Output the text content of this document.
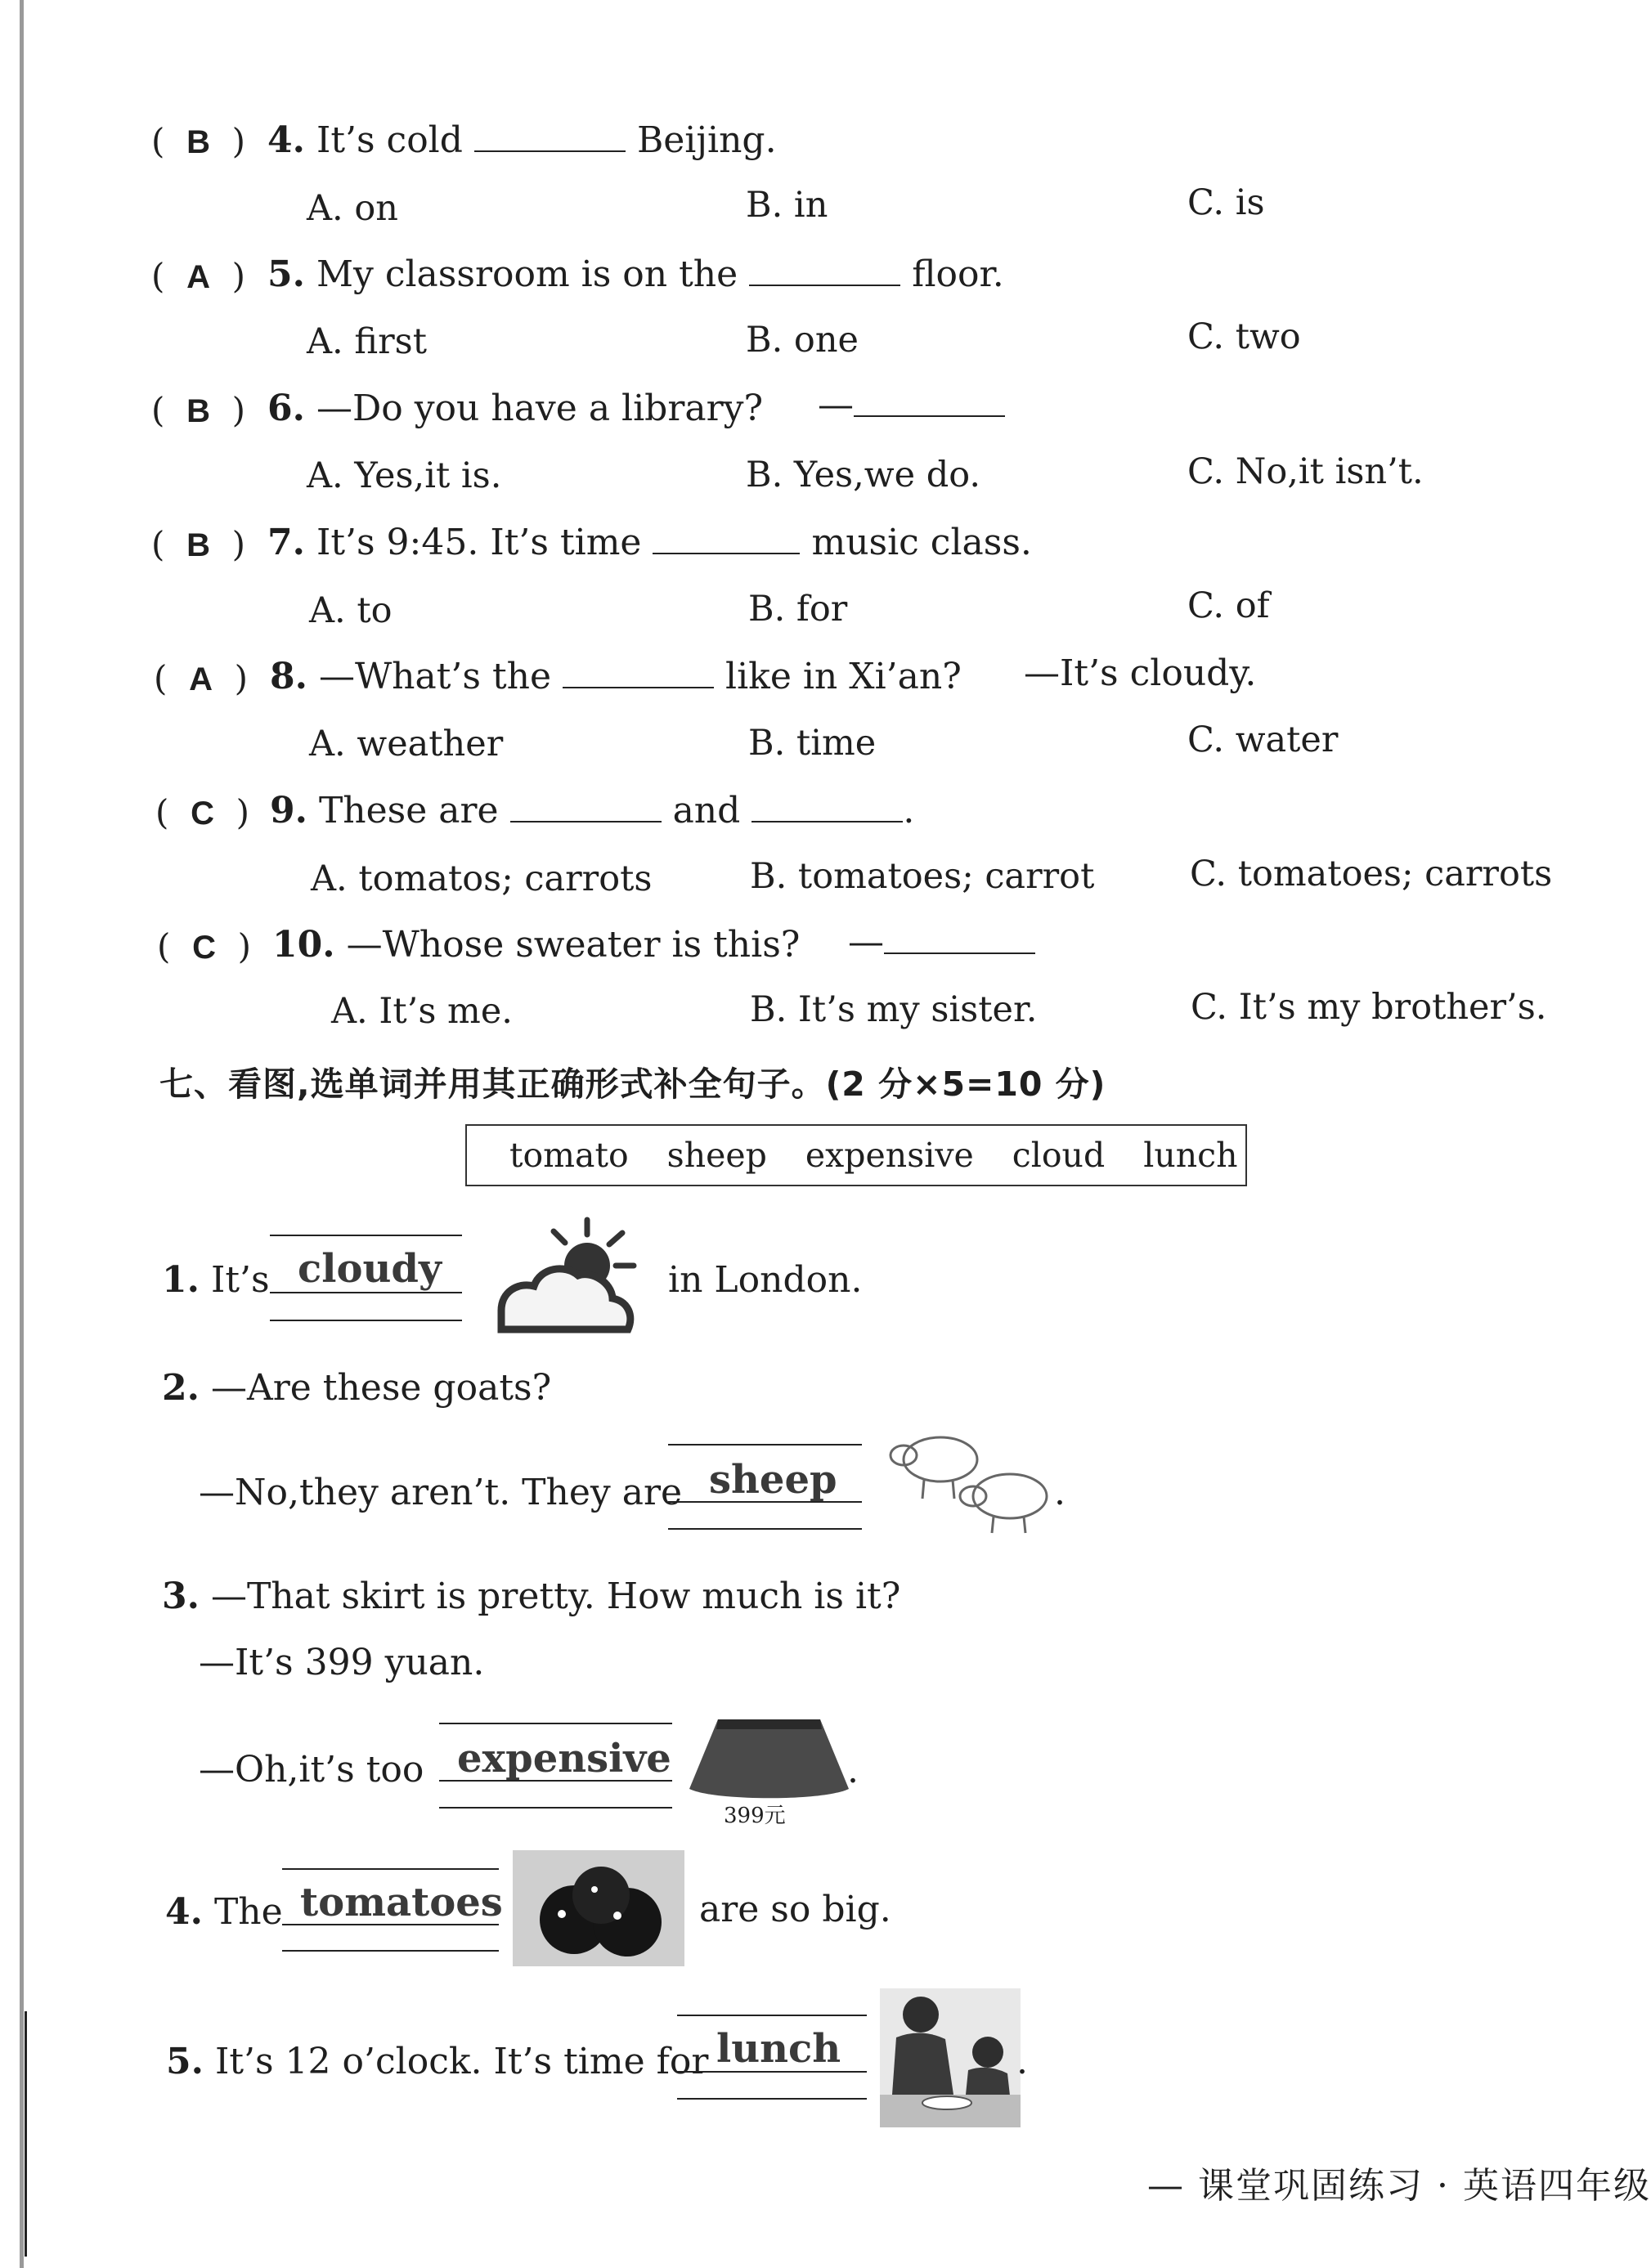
(  B  ) 4. It’s cold	Beijing.
A. on	B. in	C. is
(  A  ) 5. My classroom is on the	floor.
A. first	B. one	C. two
(  B  ) 6. —Do you have a library? —
A. Yes,it is.	B. Yes,we do.	C. No,it isn’t.
(  B  ) 7. It’s 9:45. It’s time	music class.
A. to	B. for	C. of
(  A  ) 8. —What’s the	like in Xi’an? —It’s cloudy.
A. weather	B. time	C. water
(  C  ) 9. These are	and	.
A. tomatos; carrots	B. tomatoes; carrot	C. tomatoes; carrots
(  C  ) 10. —Whose sweater is this? —
A. It’s me.	B. It’s my sister.	C. It’s my brother’s.
七、看图,选单词并用其正确形式补全句子。(2 分×5=10 分)
tomato sheep expensive cloud lunch
1. It’s cloudy	in London.
2. —Are these goats?
—No,they aren’t. They are sheep	.
3. —That skirt is pretty. How much is it?
—It’s 399 yuan.
—Oh,it’s too expensive
399元
.
4. The tomatoes	are so big.
5. It’s 12 o’clock. It’s time for lunch	.
— 课堂巩固练习 · 英语四年级
